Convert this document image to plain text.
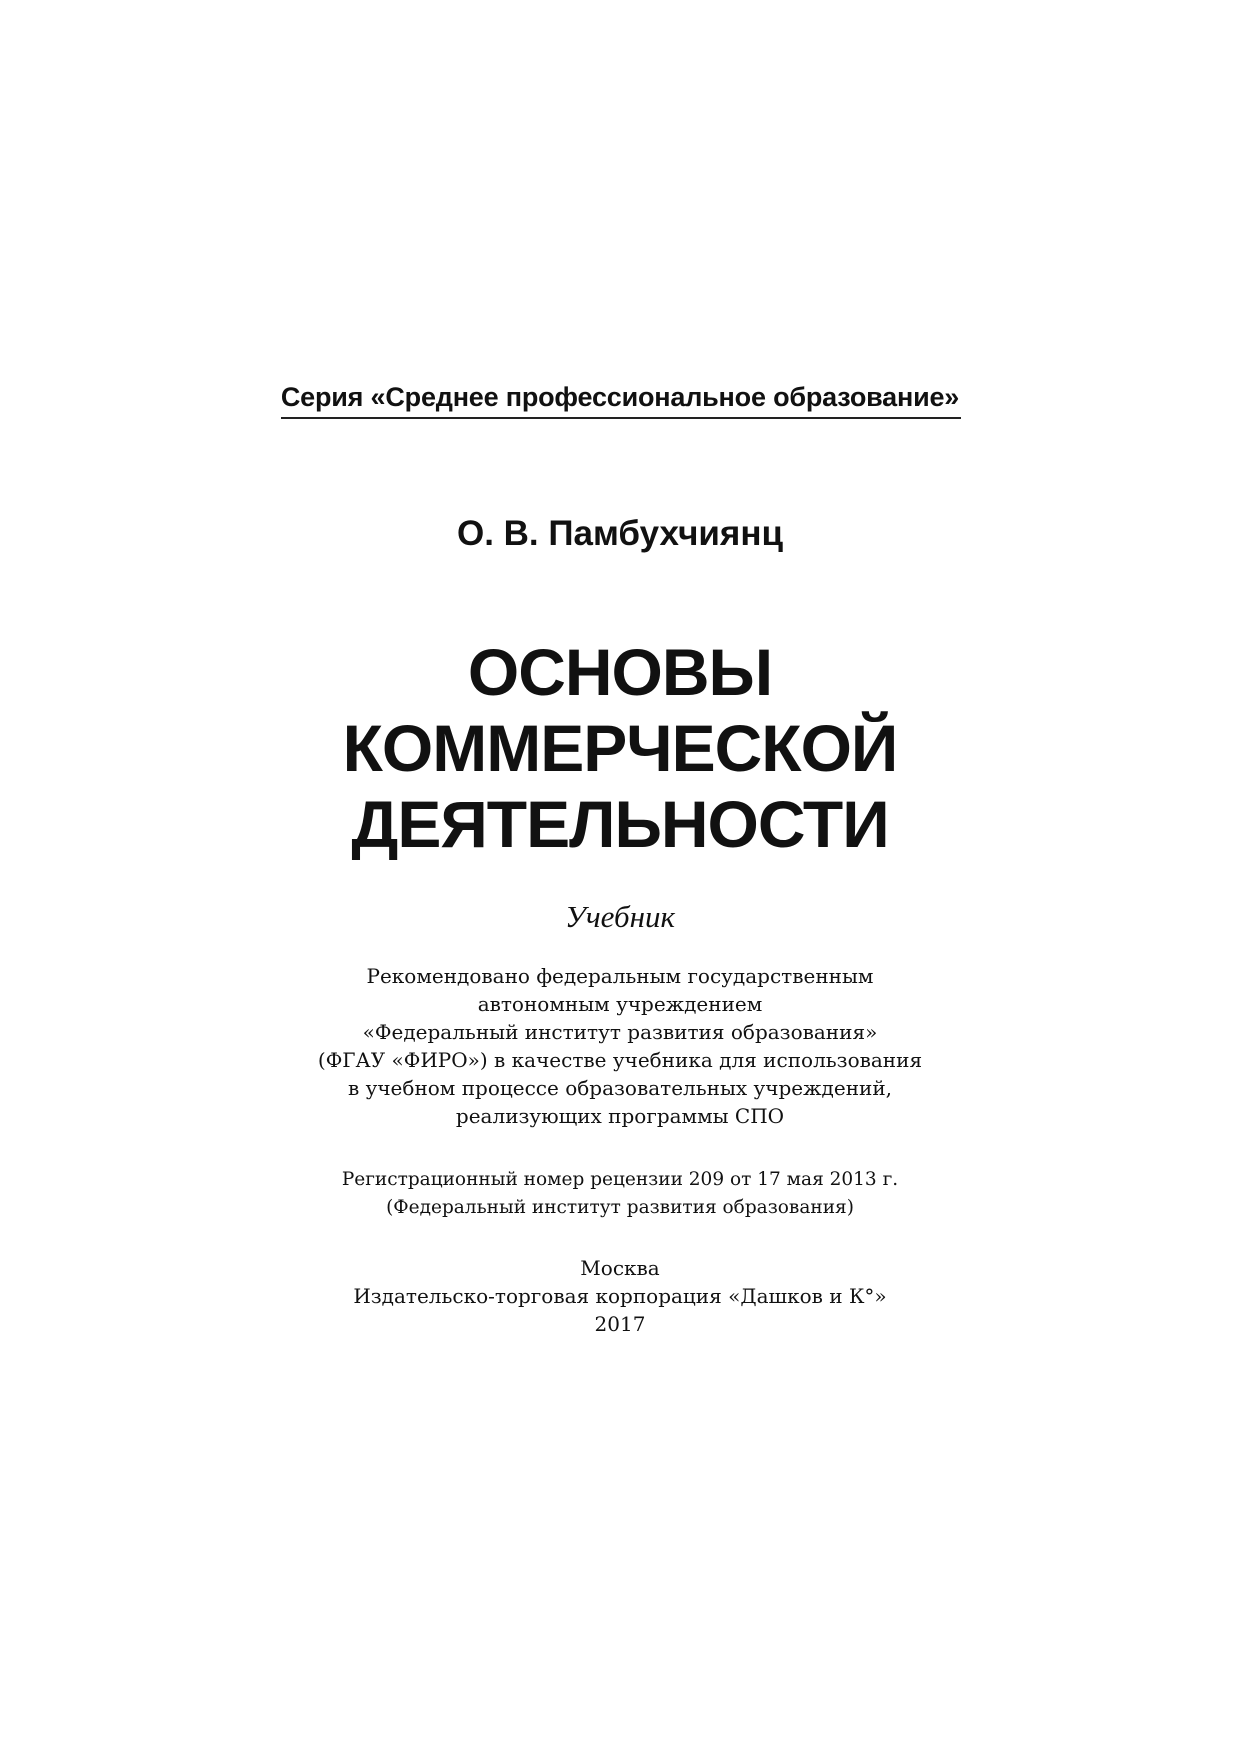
Серия «Среднее профессиональное образование»
О. В. Памбухчиянц
ОСНОВЫ
КОММЕРЧЕСКОЙ
ДЕЯТЕЛЬНОСТИ
Учебник
Рекомендовано федеральным государственным
автономным учреждением
«Федеральный институт развития образования»
(ФГАУ «ФИРО») в качестве учебника для использования
в учебном процессе образовательных учреждений,
реализующих программы СПО
Регистрационный номер рецензии 209 от 17 мая 2013 г.
(Федеральный институт развития образования)
Москва
Издательско-торговая корпорация «Дашков и К°»
2017
